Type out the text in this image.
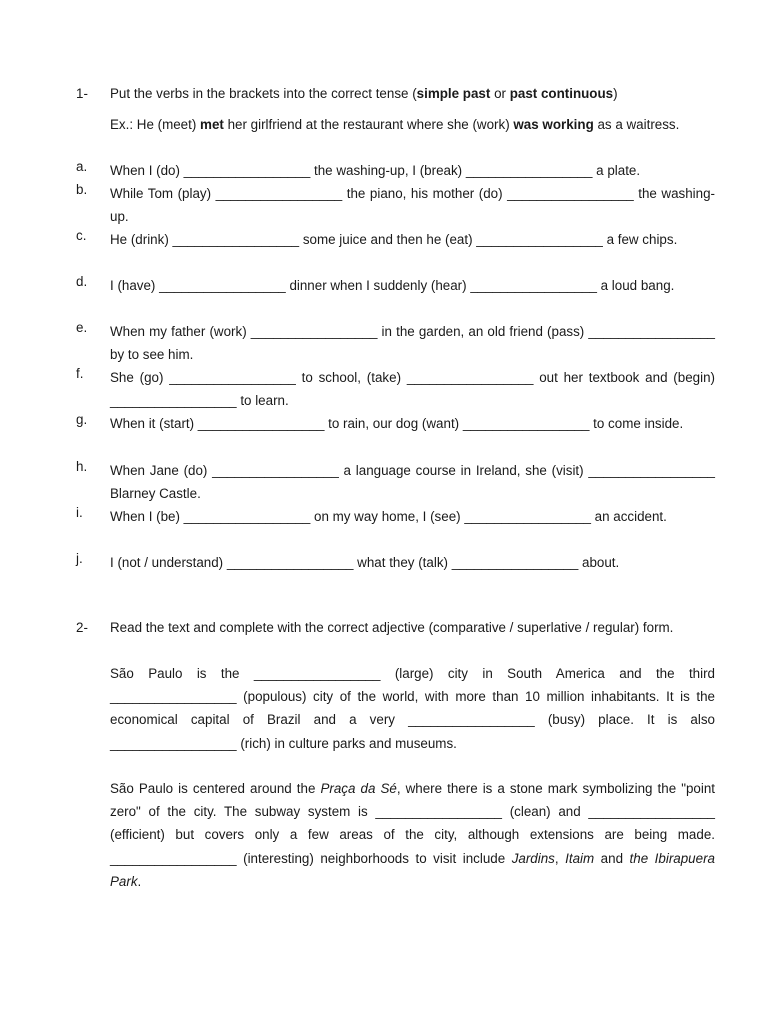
1- Put the verbs in the brackets into the correct tense (simple past or past continuous)
Ex.: He (meet) met her girlfriend at the restaurant where she (work) was working as a waitress.
a.	When I (do) _________________ the washing-up, I (break) _________________ a plate.
b.	While Tom (play) _________________ the piano, his mother (do) _________________ the washing-up.
c.	He (drink) _________________ some juice and then he (eat) _________________ a few chips.
d.	I (have) _________________ dinner when I suddenly (hear) _________________ a loud bang.
e.	When my father (work) _________________ in the garden, an old friend (pass) _________________ by to see him.
f.	She (go) _________________ to school, (take) _________________ out her textbook and (begin) _________________ to learn.
g.	When it (start) _________________ to rain, our dog (want) _________________ to come inside.
h.	When Jane (do) _________________ a language course in Ireland, she (visit) _________________ Blarney Castle.
i.	When I (be) _________________ on my way home, I (see) _________________ an accident.
j.	I (not / understand) _________________ what they (talk) _________________ about.
2- Read the text and complete with the correct adjective (comparative / superlative / regular) form.
São Paulo is the _________________ (large) city in South America and the third _________________ (populous) city of the world, with more than 10 million inhabitants. It is the economical capital of Brazil and a very _________________ (busy) place. It is also _________________ (rich) in culture parks and museums.
São Paulo is centered around the Praça da Sé, where there is a stone mark symbolizing the "point zero" of the city. The subway system is _________________ (clean) and _________________ (efficient) but covers only a few areas of the city, although extensions are being made. _________________ (interesting) neighborhoods to visit include Jardins, Itaim and the Ibirapuera Park.
